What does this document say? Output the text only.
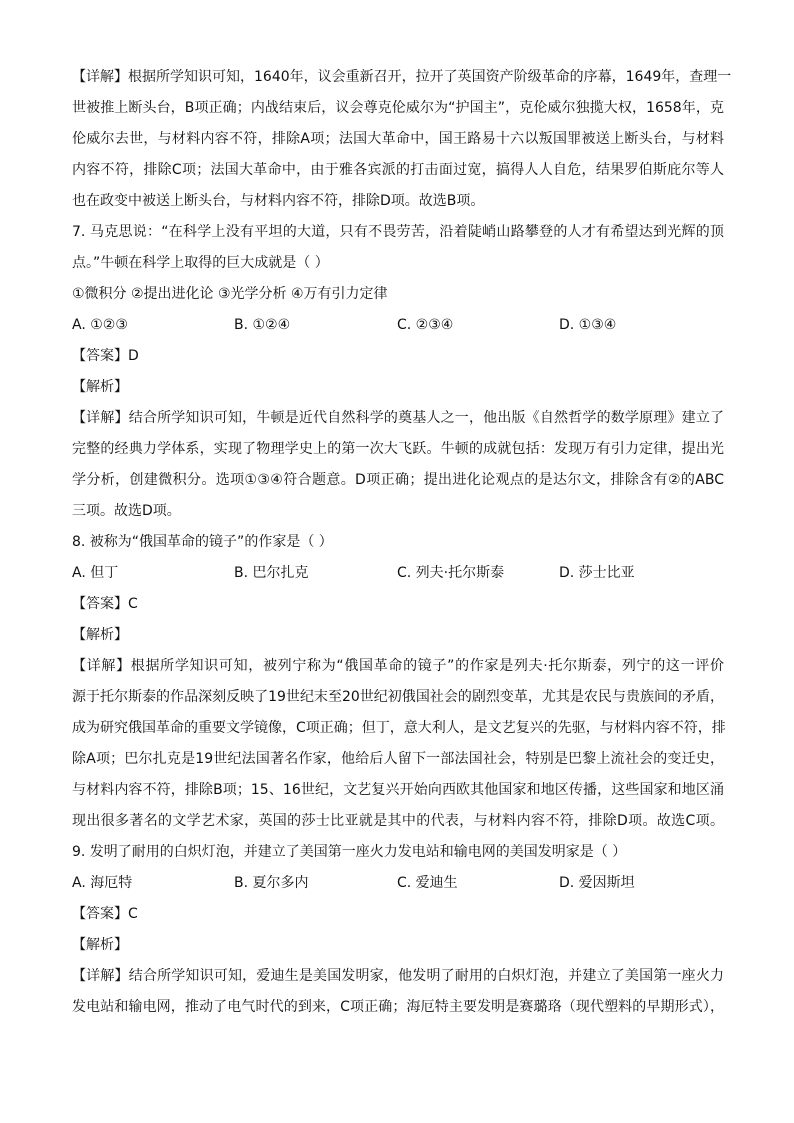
【详解】根据所学知识可知，1640年，议会重新召开，拉开了英国资产阶级革命的序幕，1649年，查理一
世被推上断头台，B项正确；内战结束后，议会尊克伦威尔为“护国主”，克伦威尔独揽大权，1658年，克
伦威尔去世，与材料内容不符，排除A项；法国大革命中，国王路易十六以叛国罪被送上断头台，与材料
内容不符，排除C项；法国大革命中，由于雅各宾派的打击面过宽，搞得人人自危，结果罗伯斯庇尔等人
也在政变中被送上断头台，与材料内容不符，排除D项。故选B项。
7. 马克思说：“在科学上没有平坦的大道，只有不畏劳苦，沿着陡峭山路攀登的人才有希望达到光辉的顶
点。”牛顿在科学上取得的巨大成就是（ ）
①微积分 ②提出进化论 ③光学分析 ④万有引力定律
A. ①②③	B. ①②④	C. ②③④	D. ①③④
【答案】D
【解析】
【详解】结合所学知识可知，牛顿是近代自然科学的奠基人之一，他出版《自然哲学的数学原理》建立了
完整的经典力学体系，实现了物理学史上的第一次大飞跃。牛顿的成就包括：发现万有引力定律，提出光
学分析，创建微积分。选项①③④符合题意。D项正确；提出进化论观点的是达尔文，排除含有②的ABC
三项。故选D项。
8. 被称为“俄国革命的镜子”的作家是（ ）
A. 但丁	B. 巴尔扎克	C. 列夫·托尔斯泰	D. 莎士比亚
【答案】C
【解析】
【详解】根据所学知识可知，被列宁称为“俄国革命的镜子”的作家是列夫·托尔斯泰，列宁的这一评价
源于托尔斯泰的作品深刻反映了19世纪末至20世纪初俄国社会的剧烈变革，尤其是农民与贵族间的矛盾，
成为研究俄国革命的重要文学镜像，C项正确；但丁，意大利人，是文艺复兴的先驱，与材料内容不符，排
除A项；巴尔扎克是19世纪法国著名作家，他给后人留下一部法国社会，特别是巴黎上流社会的变迁史，
与材料内容不符，排除B项；15、16世纪，文艺复兴开始向西欧其他国家和地区传播，这些国家和地区涌
现出很多著名的文学艺术家，英国的莎士比亚就是其中的代表，与材料内容不符，排除D项。故选C项。
9. 发明了耐用的白炽灯泡，并建立了美国第一座火力发电站和输电网的美国发明家是（ ）
A. 海厄特	B. 夏尔多内	C. 爱迪生	D. 爱因斯坦
【答案】C
【解析】
【详解】结合所学知识可知，爱迪生是美国发明家，他发明了耐用的白炽灯泡，并建立了美国第一座火力
发电站和输电网，推动了电气时代的到来，C项正确；海厄特主要发明是赛璐珞（现代塑料的早期形式），
